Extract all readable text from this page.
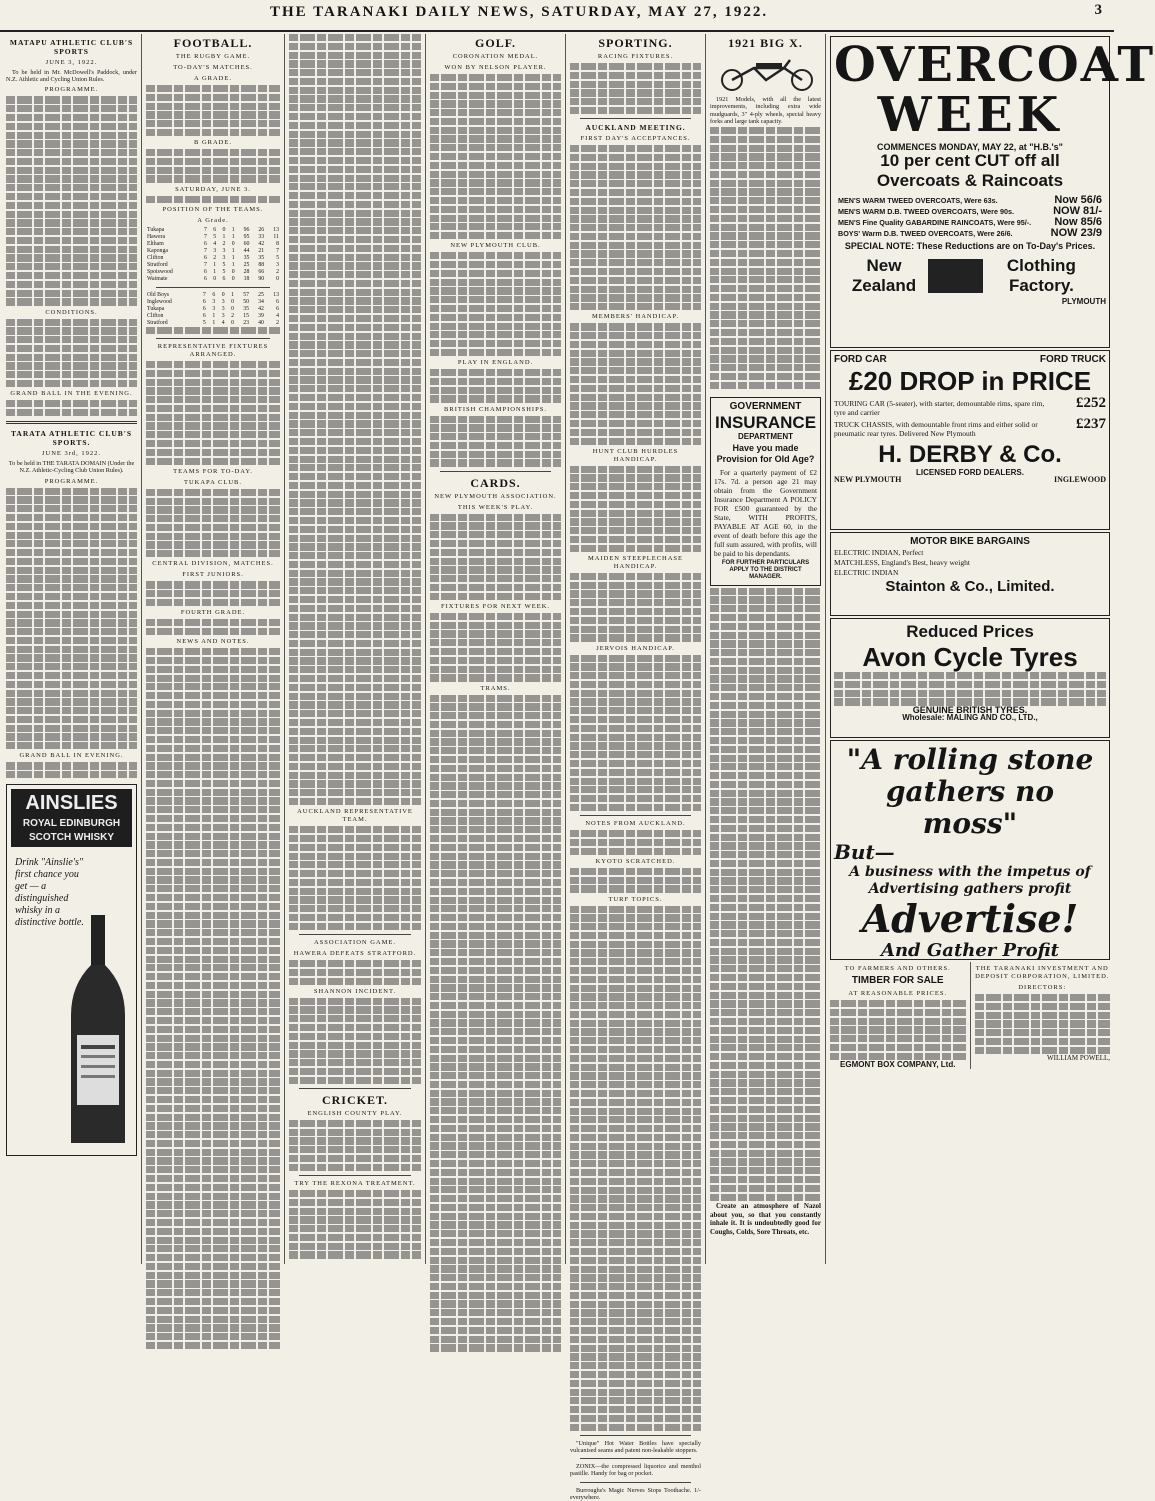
THE TARANAKI DAILY NEWS, SATURDAY, MAY 27, 1922.	3
MATAPU ATHLETIC CLUB'S SPORTS
JUNE 3, 1922.

To be held in Mr. McDowell's Paddock, under N.Z. Athletic and Cycling Union Rules.

PROGRAMME.
CONDITIONS.
GRAND BALL IN THE EVENING.
TARATA ATHLETIC CLUB'S SPORTS.
JUNE 3rd, 1922.

To be held in THE TARATA DOMAIN (Under the N.Z. Athletic-Cycling Club Union Rules).

PROGRAMME.
GRAND BALL IN EVENING.
AINSLIES
ROYAL EDINBURGH SCOTCH WHISKY
Drink "Ainslie's" first chance you get — a distinguished whisky in a distinctive bottle.
FOOTBALL.
THE RUGBY GAME.
TO-DAY'S MATCHES.
A GRADE.
B GRADE.
SATURDAY, JUNE 3.
POSITION OF THE TEAMS.
A Grade.
Tukapa	7	6	0	1	96	26	13
Hawera	7	5	1	1	95	33	11
Eltham	6	4	2	0	60	42	8
Kaponga	7	3	3	1	44	21	7
Clifton	6	2	3	1	35	35	5
Stratford	7	1	5	1	25	88	3
Spotswood	6	1	5	0	28	66	2
Waimate	6	0	6	0	18	90	0
Old Boys	7	6	0	1	57	25	13
Inglewood	6	3	3	0	50	34	6
Tukapa	6	3	3	0	35	42	6
Clifton	6	1	3	2	15	39	4
Stratford	5	1	4	0	23	40	2
REPRESENTATIVE FIXTURES ARRANGED.
TEAMS FOR TO-DAY.
TUKAPA CLUB.
CENTRAL DIVISION, MATCHES.
FIRST JUNIORS.
FOURTH GRADE.
NEWS AND NOTES.
AUCKLAND REPRESENTATIVE TEAM.
ASSOCIATION GAME.
HAWERA DEFEATS STRATFORD.
SHANNON INCIDENT.
CRICKET.
ENGLISH COUNTY PLAY.
TRY THE REXONA TREATMENT.
GOLF.
CORONATION MEDAL.
WON BY NELSON PLAYER.
NEW PLYMOUTH CLUB.
PLAY IN ENGLAND.
BRITISH CHAMPIONSHIPS.
CARDS.
NEW PLYMOUTH ASSOCIATION.
THIS WEEK'S PLAY.
FIXTURES FOR NEXT WEEK.
TRAMS.
SPORTING.
RACING FIXTURES.
AUCKLAND MEETING.
FIRST DAY'S ACCEPTANCES.
MEMBERS' HANDICAP.
HUNT CLUB HURDLES HANDICAP.
MAIDEN STEEPLECHASE HANDICAP.
JERVOIS HANDICAP.
NOTES FROM AUCKLAND.
KYOTO SCRATCHED.
TURF TOPICS.

"Unique" Hot Water Bottles have specially vulcanised seams and patent non-leakable stoppers.

ZONIX—the compressed liquorice and menthol pastille. Handy for bag or pocket.

Burroughs's Magic Nerves Stops Toothache. 1/- everywhere.

1921 BIG X.

1921 Models, with all the latest improvements, including extra wide mudguards, 3" 4-ply wheels, special heavy forks and large tank capacity.

GOVERNMENT
INSURANCE
DEPARTMENT
Have you made Provision for Old Age?

For a quarterly payment of £2 17s. 7d. a person age 21 may obtain from the Government Insurance Department A POLICY FOR £500 guaranteed by the State, WITH PROFITS, PAYABLE AT AGE 60, in the event of death before this age the full sum assured, with profits, will be paid to his dependants.

FOR FURTHER PARTICULARS APPLY TO THE DISTRICT MANAGER.

Create an atmosphere of Nazol about you, so that you constantly inhale it. It is undoubtedly good for Coughs, Colds, Sore Throats, etc.

OVERCOAT
WEEK
COMMENCES MONDAY, MAY 22, at "H.B.'s"
10 per cent CUT off all
Overcoats & Raincoats
MEN'S WARM TWEED OVERCOATS, Were 63s.	Now 56/6
MEN'S WARM D.B. TWEED OVERCOATS, Were 90s.	NOW 81/-
MEN'S Fine Quality GABARDINE RAINCOATS, Were 95/-. Now 85/6
BOYS' Warm D.B. TWEED OVERCOATS, Were 26/6.	NOW 23/9
SPECIAL NOTE: These Reductions are on To-Day's Prices.
New Zealand
Clothing Factory.
PLYMOUTH
FORD CAR	FORD TRUCK
£20 DROP in PRICE
TOURING CAR (5-seater), with starter, demountable rims, spare rim, tyre and carrier
£252
TRUCK CHASSIS, with demountable front rims and either solid or pneumatic rear tyres. Delivered New Plymouth
£237
H. DERBY & Co.
LICENSED FORD DEALERS.
NEW PLYMOUTH	INGLEWOOD
MOTOR BIKE BARGAINS
ELECTRIC INDIAN, Perfect
MATCHLESS, England's Best, heavy weight
ELECTRIC INDIAN
Stainton & Co., Limited.
Reduced Prices
Avon Cycle Tyres
GENUINE BRITISH TYRES.
Wholesale: MALING AND CO., LTD.,
"A rolling stone gathers no moss"
But—
A business with the impetus of Advertising gathers profit
Advertise!
And Gather Profit
TO FARMERS AND OTHERS.
TIMBER FOR SALE
AT REASONABLE PRICES.
EGMONT BOX COMPANY, Ltd.
THE TARANAKI INVESTMENT AND DEPOSIT CORPORATION, LIMITED.
DIRECTORS:
WILLIAM POWELL,
